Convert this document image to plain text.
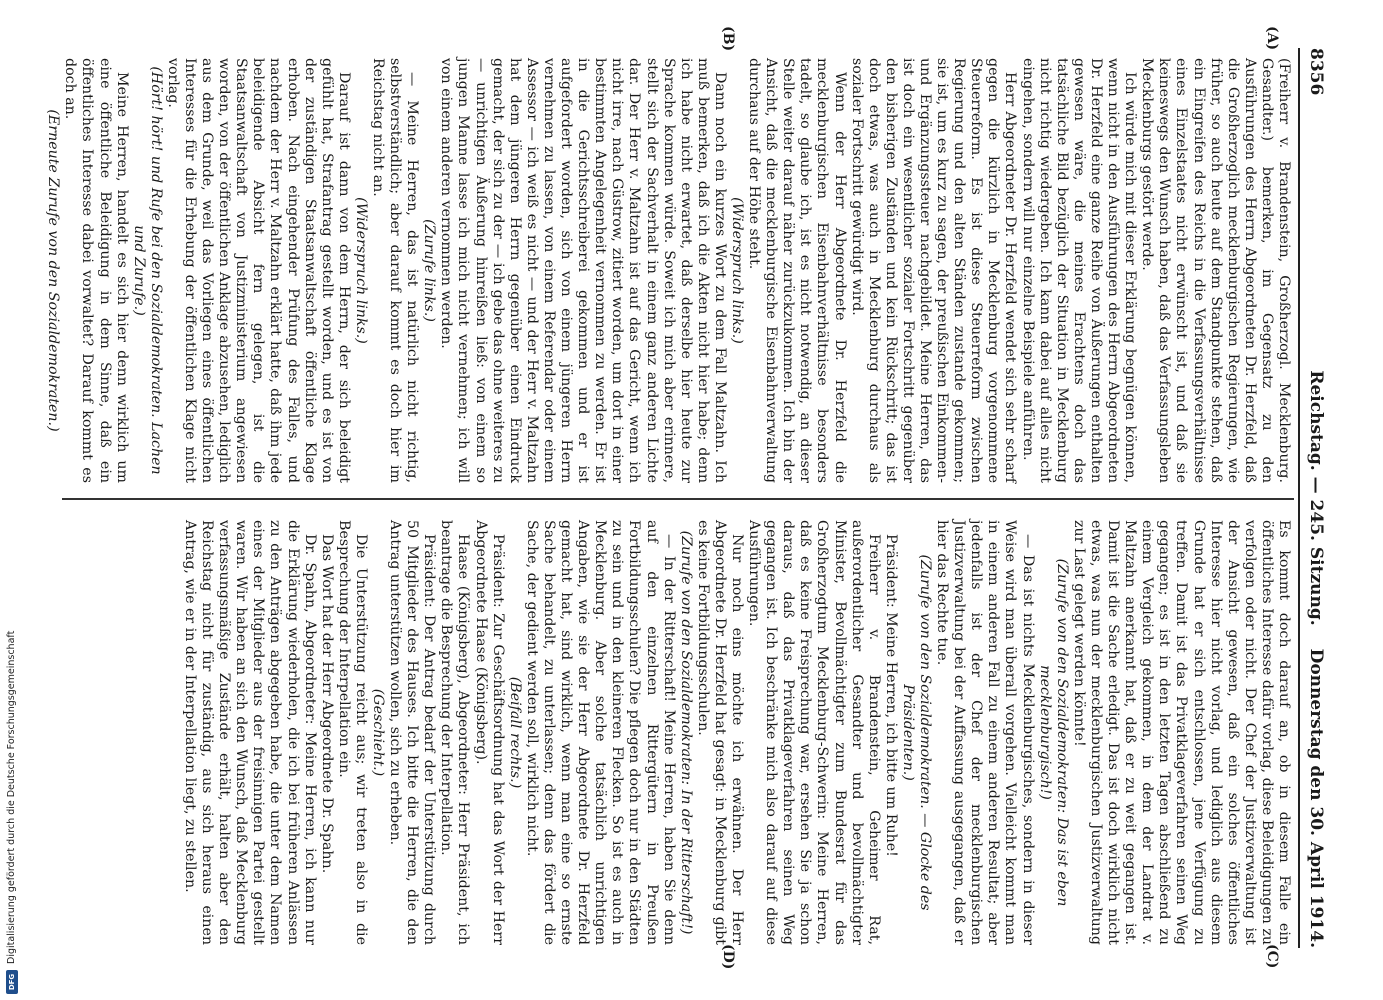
8356
Reichstag. — 245. Sitzung.
Donnerstag den 30. April 1914.
(A)
(B)
(C)
(D)

(Freiherr v. Brandenstein, Großherzogl. Mecklenburg. Gesandter.) bemerken, im Gegensatz zu den Ausführungen des Herrn Abgeordneten Dr. Herzfeld, daß die Großherzoglich mecklenburgischen Regierungen, wie früher, so auch heute auf dem Standpunkte stehen, daß ein Eingreifen des Reichs in die Verfassungsverhältnisse eines Einzelstaates nicht erwünscht ist, und daß sie keineswegs den Wunsch haben, daß das Verfassungsleben Mecklenburgs gestört werde.

Ich würde mich mit dieser Erklärung begnügen können, wenn nicht in den Ausführungen des Herrn Abgeordneten Dr. Herzfeld eine ganze Reihe von Äußerungen enthalten gewesen wäre, die meines Erachtens doch das tatsächliche Bild bezüglich der Situation in Mecklenburg nicht richtig wiedergeben. Ich kann dabei auf alles nicht eingehen, sondern will nur einzelne Beispiele anführen.

Herr Abgeordneter Dr. Herzfeld wendet sich sehr scharf gegen die kürzlich in Mecklenburg vorgenommene Steuerreform. Es ist diese Steuerreform zwischen Regierung und den alten Ständen zustande gekommen; sie ist, um es kurz zu sagen, der preußischen Einkommen- und Ergänzungssteuer nachgebildet. Meine Herren, das ist doch ein wesentlicher sozialer Fortschritt gegenüber den bisherigen Zuständen und kein Rückschritt; das ist doch etwas, was auch in Mecklenburg durchaus als sozialer Fortschritt gewürdigt wird.

Wenn der Herr Abgeordnete Dr. Herzfeld die mecklenburgischen Eisenbahnverhältnisse besonders tadelt, so glaube ich, ist es nicht notwendig, an dieser Stelle weiter darauf näher zurückzukommen. Ich bin der Ansicht, daß die mecklenburgische Eisenbahnverwaltung durchaus auf der Höhe steht.

(Widerspruch links.)

Dann noch ein kurzes Wort zu dem Fall Maltzahn. Ich muß bemerken, daß ich die Akten nicht hier habe; denn ich habe nicht erwartet, daß derselbe hier heute zur Sprache kommen würde. Soweit ich mich aber erinnere, stellt sich der Sachverhalt in einem ganz anderen Lichte dar. Der Herr v. Maltzahn ist auf das Gericht, wenn ich nicht irre, nach Güstrow, zitiert worden, um dort in einer bestimmten Angelegenheit vernommen zu werden. Er ist in die Gerichtsschreiberei gekommen und er ist aufgefordert worden, sich von einem jüngeren Herrn vernehmen zu lassen, von einem Referendar oder einem Assessor — ich weiß es nicht — und der Herr v. Maltzahn hat dem jüngeren Herrn gegenüber einen Eindruck gemacht, der sich zu der — ich gebe das ohne weiteres zu — unrichtigen Äußerung hinreißen ließ: von einem so jungen Manne lasse ich mich nicht vernehmen; ich will von einem anderen vernommen werden.

(Zurufe links.)

— Meine Herren, das ist natürlich nicht richtig, selbstverständlich; aber darauf kommt es doch hier im Reichstag nicht an.

(Widerspruch links.)

Darauf ist dann von dem Herrn, der sich beleidigt gefühlt hat, Strafantrag gestellt worden, und es ist von der zuständigen Staatsanwaltschaft öffentliche Klage erhoben. Nach eingehender Prüfung des Falles, und nachdem der Herr v. Maltzahn erklärt hatte, daß ihm jede beleidigende Absicht fern gelegen, ist die Staatsanwaltschaft von Justizministerium angewiesen worden, von der öffentlichen Anklage abzusehen, lediglich aus dem Grunde, weil das Vorliegen eines öffentlichen Interesses für die Erhebung der öffentlichen Klage nicht vorlag.

(Hört! hört! und Rufe bei den Sozialdemokraten. Lachen und Zurufe.)

Meine Herren, handelt es sich hier denn wirklich um eine öffentliche Beleidigung in dem Sinne, daß ein öffentliches Interesse dabei vorwaltet? Darauf kommt es doch an.

(Erneute Zurufe von den Sozialdemokraten.)

Es kommt doch darauf an, ob in diesem Falle ein öffentliches Interesse dafür vorlag, diese Beleidigungen zu verfolgen oder nicht. Der Chef der Justizverwaltung ist der Ansicht gewesen, daß ein solches öffentliches Interesse hier nicht vorlag, und lediglich aus diesem Grunde hat er sich entschlossen, jene Verfügung zu treffen. Damit ist das Privatklageverfahren seinen Weg gegangen; es ist in den letzten Tagen abschließend zu einem Vergleich gekommen, in dem der Landrat v. Maltzahn anerkannt hat, daß er zu weit gegangen ist. Damit ist die Sache erledigt. Das ist doch wirklich nicht etwas, was nun der mecklenburgischen Justizverwaltung zur Last gelegt werden könnte!

(Zurufe von den Sozialdemokraten: Das ist eben mecklenburgisch!)

— Das ist nichts Mecklenburgisches, sondern in dieser Weise wird man überall vorgehen. Vielleicht kommt man in einem anderen Fall zu einem anderen Resultat; aber jedenfalls ist der Chef der mecklenburgischen Justizverwaltung bei der Auffassung ausgegangen, daß er hier das Rechte tue.

(Zurufe von den Sozialdemokraten. — Glocke des Präsidenten.)

Präsident: Meine Herren, ich bitte um Ruhe!

Freiherr v. Brandenstein, Geheimer Rat, außerordentlicher Gesandter und bevollmächtigter Minister, Bevollmächtigter zum Bundesrat für das Großherzogtum Mecklenburg-Schwerin: Meine Herren, daß es keine Freisprechung war, ersehen Sie ja schon daraus, daß das Privatklageverfahren seinen Weg gegangen ist. Ich beschränke mich also darauf auf diese Ausführungen.

Nur noch eins möchte ich erwähnen. Der Herr Abgeordnete Dr. Herzfeld hat gesagt: in Mecklenburg gibt es keine Fortbildungsschulen.

(Zurufe von den Sozialdemokraten: In der Ritterschaft!)

— In der Ritterschaft! Meine Herren, haben Sie denn auf den einzelnen Rittergütern in Preußen Fortbildungsschulen? Die pflegen doch nur in den Städten zu sein und in den kleineren Flecken. So ist es auch in Mecklenburg. Aber solche tatsächlich unrichtigen Angaben, wie sie der Herr Abgeordnete Dr. Herzfeld gemacht hat, sind wirklich, wenn man eine so ernste Sache behandelt, zu unterlassen; denn das fördert die Sache, der gedient werden soll, wirklich nicht.

(Beifall rechts.)

Präsident: Zur Geschäftsordnung hat das Wort der Herr Abgeordnete Haase (Königsberg).

Haase (Königsberg), Abgeordneter: Herr Präsident, ich beantrage die Besprechung der Interpellation.

Präsident: Der Antrag bedarf der Unterstützung durch 50 Mitglieder des Hauses. Ich bitte die Herren, die den Antrag unterstützen wollen, sich zu erheben.

(Geschieht.)

Die Unterstützung reicht aus; wir treten also in die Besprechung der Interpellation ein.

Das Wort hat der Herr Abgeordnete Dr. Spahn.

Dr. Spahn, Abgeordneter: Meine Herren, ich kann nur die Erklärung wiederholen, die ich bei früheren Anlässen zu den Anträgen abgegeben habe, die unter dem Namen eines der Mitglieder aus der freisinnigen Partei gestellt waren. Wir haben an sich den Wunsch, daß Mecklenburg verfassungsmäßige Zustände erhält, halten aber den Reichstag nicht für zuständig, aus sich heraus einen Antrag, wie er in der Interpellation liegt, zu stellen.

Digitalisierung gefördert durch die Deutsche Forschungsgemeinschaft
DFG
